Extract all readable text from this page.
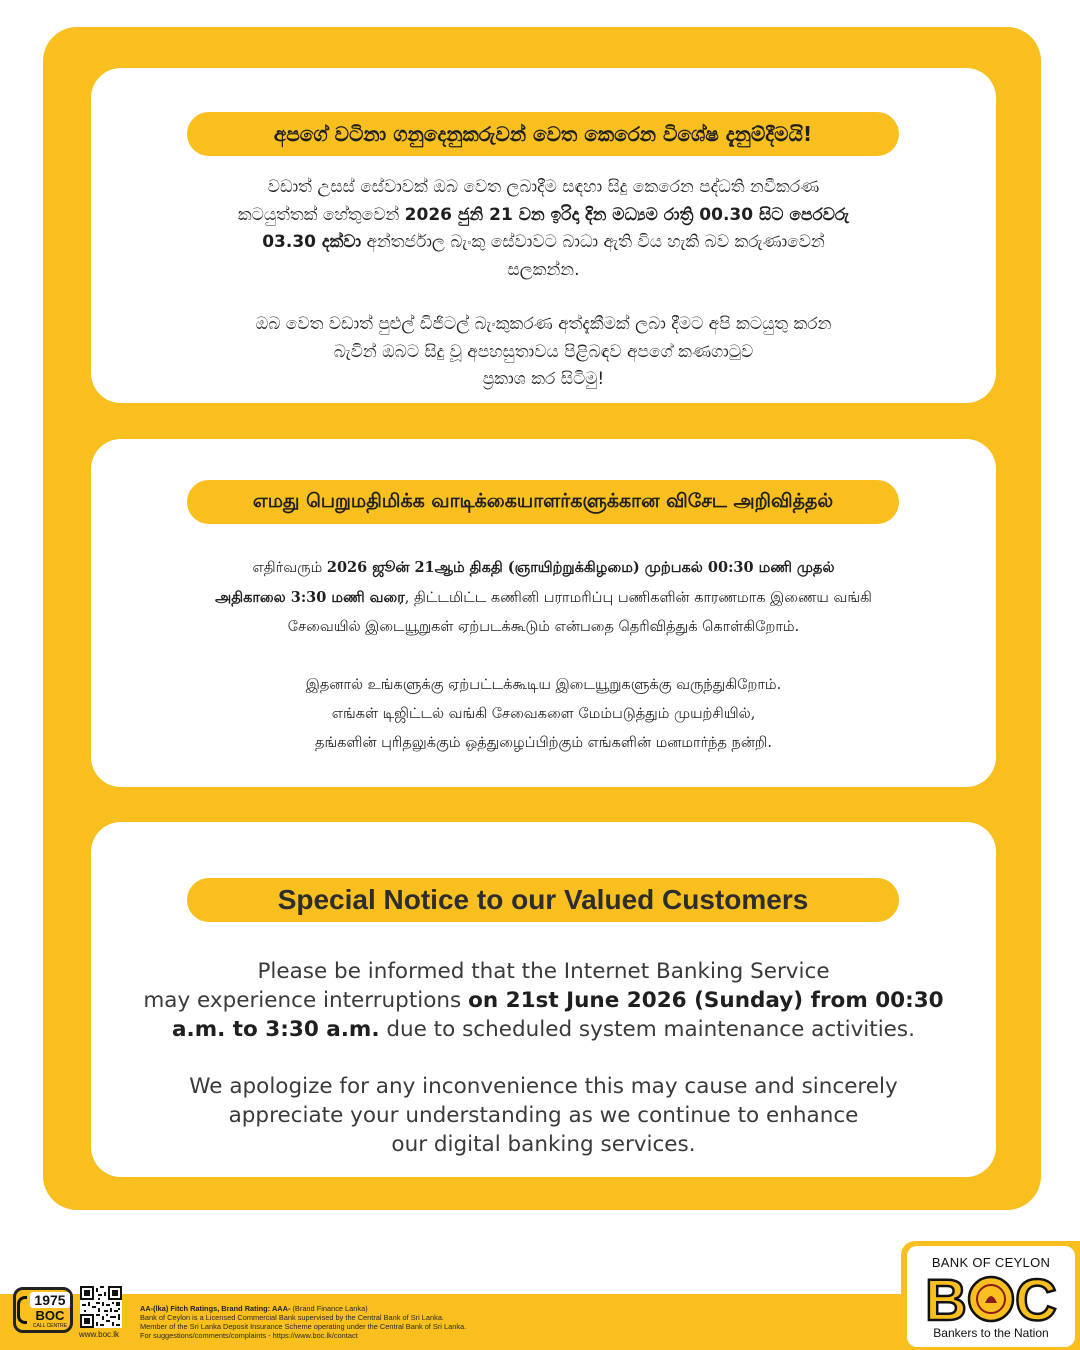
අපගේ වටිනා ගනුදෙනුකරුවන් වෙත කෙරෙන විශේෂ දැනුම්දීමයි!

වඩාත් උසස් සේවාවක් ඔබ වෙත ලබාදීම සඳහා සිදු කෙරෙන පද්ධති නවීකරණ

කටයුත්තක් හේතුවෙන් 2026 ජුනි 21 වන ඉරිදා දින මධ්‍යම රාත්‍රි 00.30 සිට පෙරවරු

03.30 දක්වා අන්තර්ජාල බැංකු සේවාවට බාධා ඇති විය හැකි බව කරුණාවෙන්

සලකන්න.

ඔබ වෙත වඩාත් පුළුල් ඩිජිටල් බැංකුකරණ අත්දැකීමක් ලබා දීමට අපි කටයුතු කරන

බැවින් ඔබට සිදු වූ අපහසුතාවය පිළිබඳව අපගේ කණගාටුව

ප්‍රකාශ කර සිටිමු!

எமது பெறுமதிமிக்க வாடிக்கையாளர்களுக்கான விசேட அறிவித்தல்

எதிர்வரும் 2026 ஜூன் 21ஆம் திகதி (ஞாயிற்றுக்கிழமை) முற்பகல் 00:30 மணி முதல்

அதிகாலை 3:30 மணி வரை, திட்டமிட்ட கணினி பராமரிப்பு பணிகளின் காரணமாக இணைய வங்கி

சேவையில் இடையூறுகள் ஏற்படக்கூடும் என்பதை தெரிவித்துக் கொள்கிறோம்.

இதனால் உங்களுக்கு ஏற்பட்டக்கூடிய இடையூறுகளுக்கு வருந்துகிறோம்.

எங்கள் டிஜிட்டல் வங்கி சேவைகளை மேம்படுத்தும் முயற்சியில்,

தங்களின் புரிதலுக்கும் ஒத்துழைப்பிற்கும் எங்களின் மனமார்ந்த நன்றி.

Special Notice to our Valued Customers

Please be informed that the Internet Banking Service

may experience interruptions on 21st June 2026 (Sunday) from 00:30

a.m. to 3:30 a.m. due to scheduled system maintenance activities.

We apologize for any inconvenience this may cause and sincerely

appreciate your understanding as we continue to enhance

our digital banking services.

1975
BOC
CALL CENTRE
www.boc.lk
AA-(lka) Fitch Ratings, Brand Rating: AAA- (Brand Finance Lanka)
Bank of Ceylon is a Licensed Commercial Bank supervised by the Central Bank of Sri Lanka.
Member of the Sri Lanka Deposit Insurance Scheme operating under the Central Bank of Sri Lanka.
For suggestions/comments/complaints - https://www.boc.lk/contact
BANK OF CEYLON
B C
Bankers to the Nation
